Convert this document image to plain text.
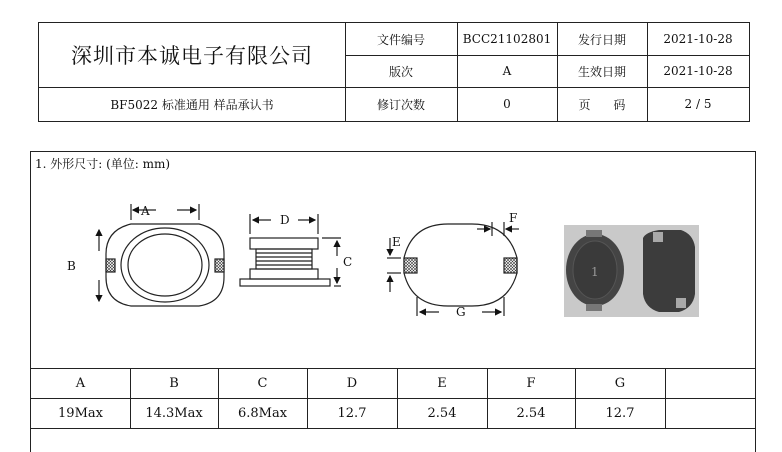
深圳市本诚电子有限公司
文件编号	BCC21102801	发行日期	2021-10-28
版次	A	生效日期	2021-10-28
BF5022 标准通用 样品承认书	修订次数	0	页      码	2 / 5
1. 外形尺寸: (单位: mm)
A
B
D
C
E
F
G
1
A	B	C	D	E	F	G
19Max	14.3Max	6.8Max	12.7	2.54	2.54	12.7
